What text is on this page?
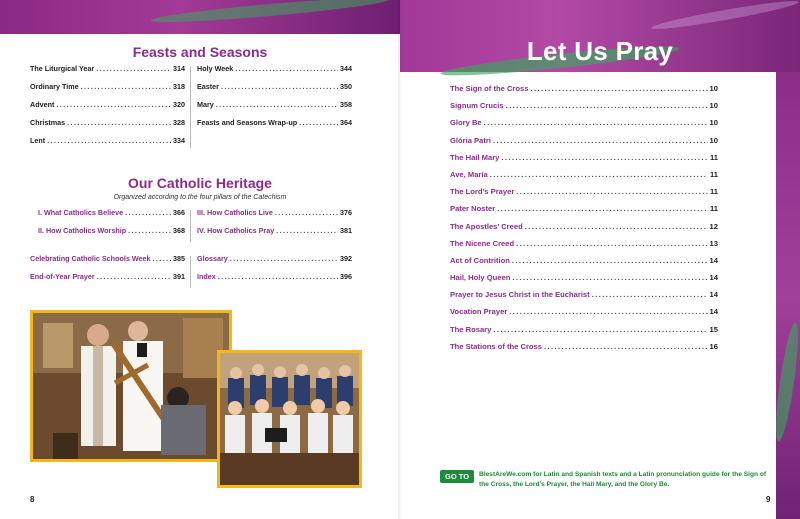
Feasts and Seasons
The Liturgical Year .....	314
Ordinary Time .....	318
Advent .....	320
Christmas .....	328
Lent .....	334
Holy Week .....	344
Easter .....	350
Mary .....	358
Feasts and Seasons Wrap-up .....	364
Our Catholic Heritage
Organized according to the four pillars of the Catechism
I. What Catholics Believe .....	366
II. How Catholics Worship .....	368
III. How Catholics Live .....	376
IV. How Catholics Pray .....	381
Celebrating Catholic Schools Week .....	385
End-of-Year Prayer .....	391
Glossary .....	392
Index .....	396
8
Let Us Pray
The Sign of the Cross .....	10
Signum Crucis .....	10
Glory Be .....	10
Glória Patri .....	10
The Hail Mary .....	11
Ave, María .....	11
The Lord’s Prayer .....	11
Pater Noster .....	11
The Apostles’ Creed .....	12
The Nicene Creed .....	13
Act of Contrition .....	14
Hail, Holy Queen .....	14
Prayer to Jesus Christ in the Eucharist .....	14
Vocation Prayer .....	14
The Rosary .....	15
The Stations of the Cross .....	16
GO TO	BlestAreWe.com for Latin and Spanish texts and a Latin pronunciation guide for the Sign of the Cross, the Lord’s Prayer, the Hail Mary, and the Glory Be.
9
